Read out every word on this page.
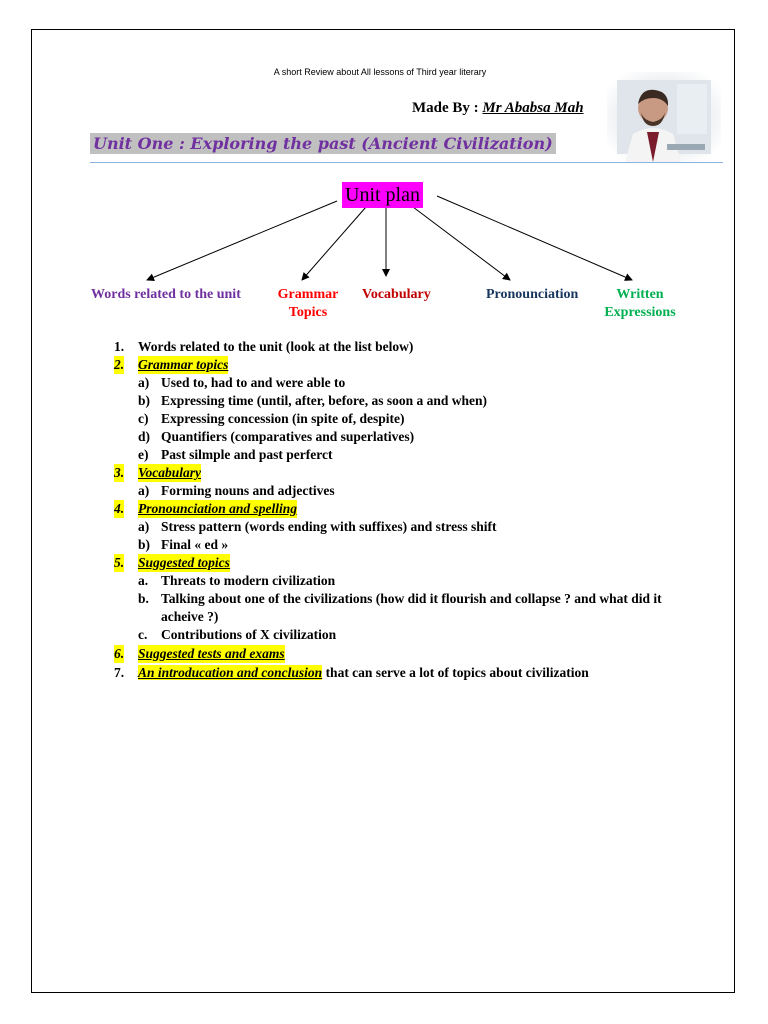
A short Review about All lessons of Third year literary
Made By : Mr Ababsa Mah
Unit One : Exploring the past (Ancient Civilization)
Unit plan
Words related to the unit	Grammar
Topics
Vocabulary	Pronounciation	Written
Expressions
1. Words related to the unit (look at the list below)
2. Grammar topics
a) Used to, had to and were able to
b) Expressing time (until, after, before, as soon a and when)
c) Expressing concession (in spite of, despite)
d) Quantifiers (comparatives and superlatives)
e) Past silmple and past perferct
3. Vocabulary
a) Forming nouns and adjectives
4. Pronounciation and spelling
a) Stress pattern (words ending with suffixes) and stress shift
b) Final « ed »
5. Suggested topics
a. Threats to modern civilization
b. Talking about one of the civilizations (how did it flourish and collapse ? and what did it acheive ?)
c. Contributions of X civilization
6. Suggested tests and exams
7. An introducation and conclusion that can serve a lot of topics about civilization
